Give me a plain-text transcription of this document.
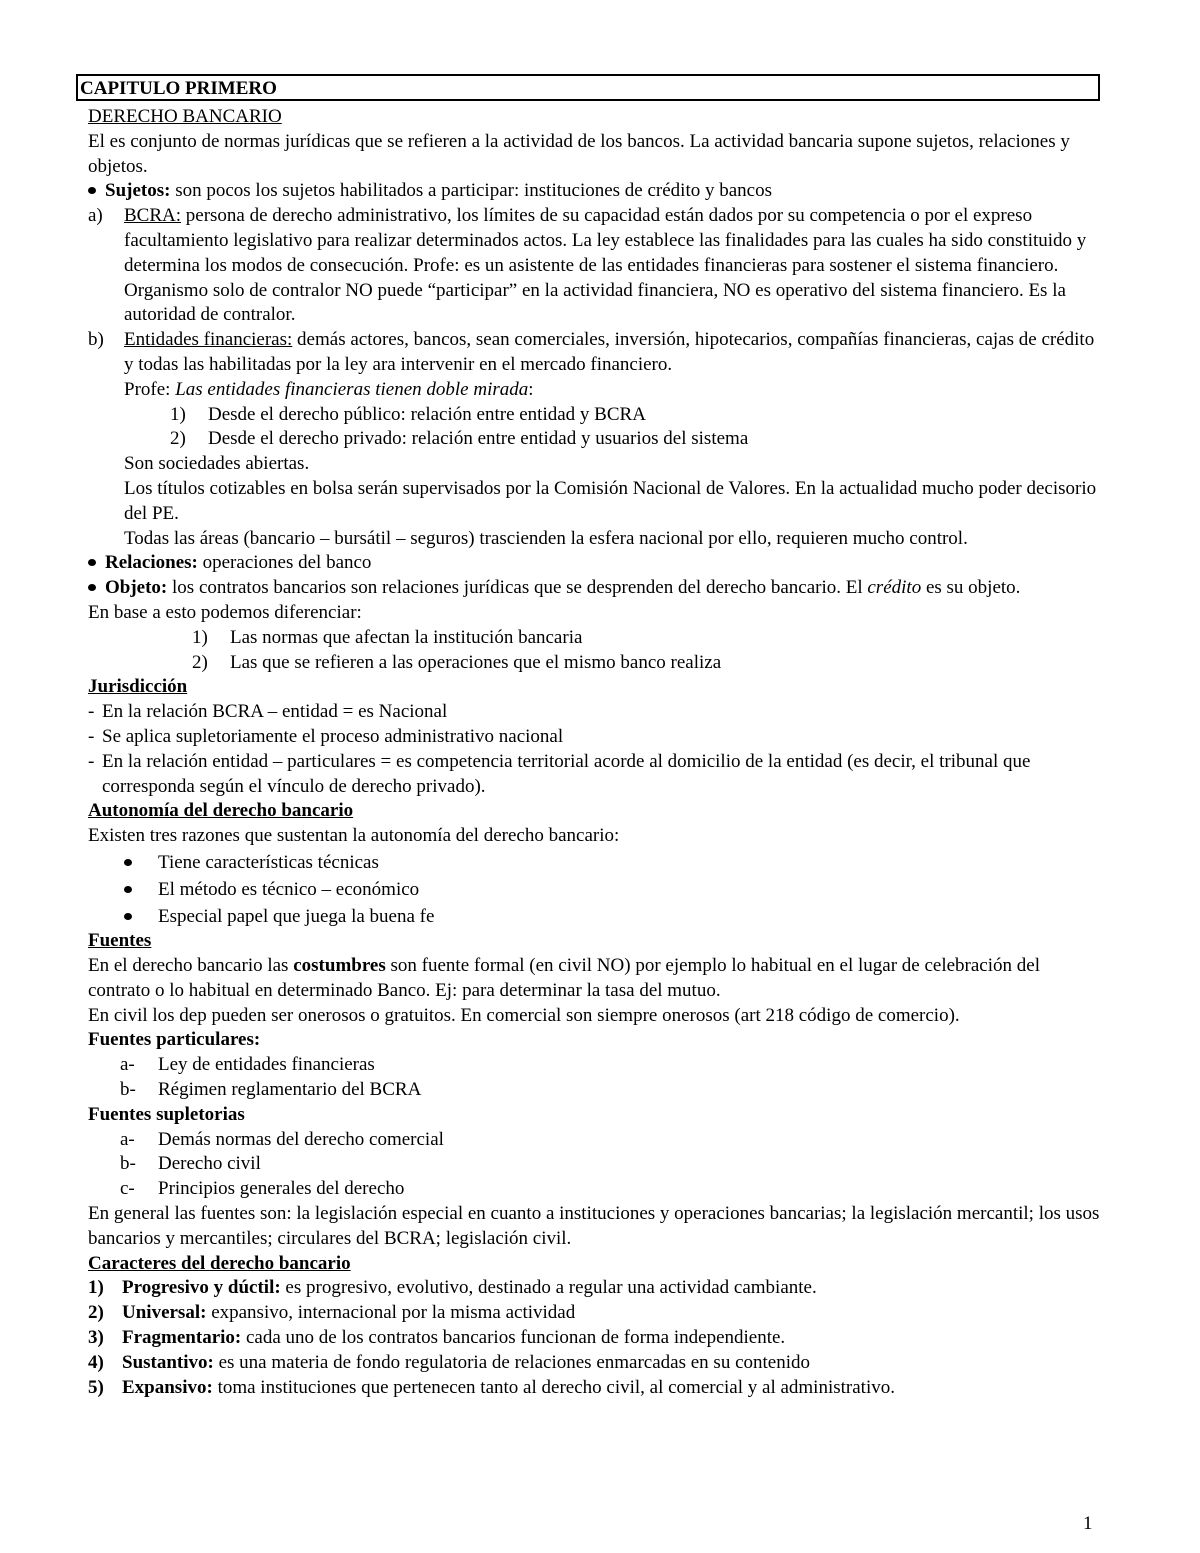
CAPITULO PRIMERO
DERECHO BANCARIO
El es conjunto de normas jurídicas que se refieren a la actividad de los bancos. La actividad bancaria supone sujetos, relaciones y objetos.
Sujetos: son pocos los sujetos habilitados a participar: instituciones de crédito y bancos
a)	BCRA: persona de derecho administrativo, los límites de su capacidad están dados por su competencia o por el expreso facultamiento legislativo para realizar determinados actos. La ley establece las finalidades para las cuales ha sido constituido y determina los modos de consecución. Profe: es un asistente de las entidades financieras para sostener el sistema financiero. Organismo solo de contralor NO puede “participar” en la actividad financiera, NO es operativo del sistema financiero. Es la autoridad de contralor.
b)	Entidades financieras: demás actores, bancos, sean comerciales, inversión, hipotecarios, compañías financieras, cajas de crédito y todas las habilitadas por la ley ara intervenir en el mercado financiero.
Profe: Las entidades financieras tienen doble mirada:
1)	Desde el derecho público: relación entre entidad y BCRA
2)	Desde el derecho privado: relación entre entidad y usuarios del sistema
Son sociedades abiertas.
Los títulos cotizables en bolsa serán supervisados por la Comisión Nacional de Valores. En la actualidad mucho poder decisorio del PE.
Todas las áreas (bancario – bursátil – seguros) trascienden la esfera nacional por ello, requieren mucho control.
Relaciones: operaciones del banco
Objeto: los contratos bancarios son relaciones jurídicas que se desprenden del derecho bancario. El crédito es su objeto.
En base a esto podemos diferenciar:
1)	Las normas que afectan la institución bancaria
2)	Las que se refieren a las operaciones que el mismo banco realiza
Jurisdicción
- En la relación BCRA – entidad = es Nacional
- Se aplica supletoriamente el proceso administrativo nacional
- En la relación entidad – particulares = es competencia territorial acorde al domicilio de la entidad (es decir, el tribunal que corresponda según el vínculo de derecho privado).
Autonomía del derecho bancario
Existen tres razones que sustentan la autonomía del derecho bancario:
Tiene características técnicas
El método es técnico – económico
Especial papel que juega la buena fe
Fuentes
En el derecho bancario las costumbres son fuente formal (en civil NO) por ejemplo lo habitual en el lugar de celebración del contrato o lo habitual en determinado Banco. Ej: para determinar la tasa del mutuo.
En civil los dep pueden ser onerosos o gratuitos. En comercial son siempre onerosos (art 218 código de comercio).
Fuentes particulares:
a-	Ley de entidades financieras
b-	Régimen reglamentario del BCRA
Fuentes supletorias
a-	Demás normas del derecho comercial
b-	Derecho civil
c-	Principios generales del derecho
En general las fuentes son: la legislación especial en cuanto a instituciones y operaciones bancarias; la legislación mercantil; los usos bancarios y mercantiles; circulares del BCRA; legislación civil.
Caracteres del derecho bancario
1) Progresivo y dúctil: es progresivo, evolutivo, destinado a regular una actividad cambiante.
2) Universal: expansivo, internacional por la misma actividad
3) Fragmentario: cada uno de los contratos bancarios funcionan de forma independiente.
4) Sustantivo: es una materia de fondo regulatoria de relaciones enmarcadas en su contenido
5) Expansivo: toma instituciones que pertenecen tanto al derecho civil, al comercial y al administrativo.
1
